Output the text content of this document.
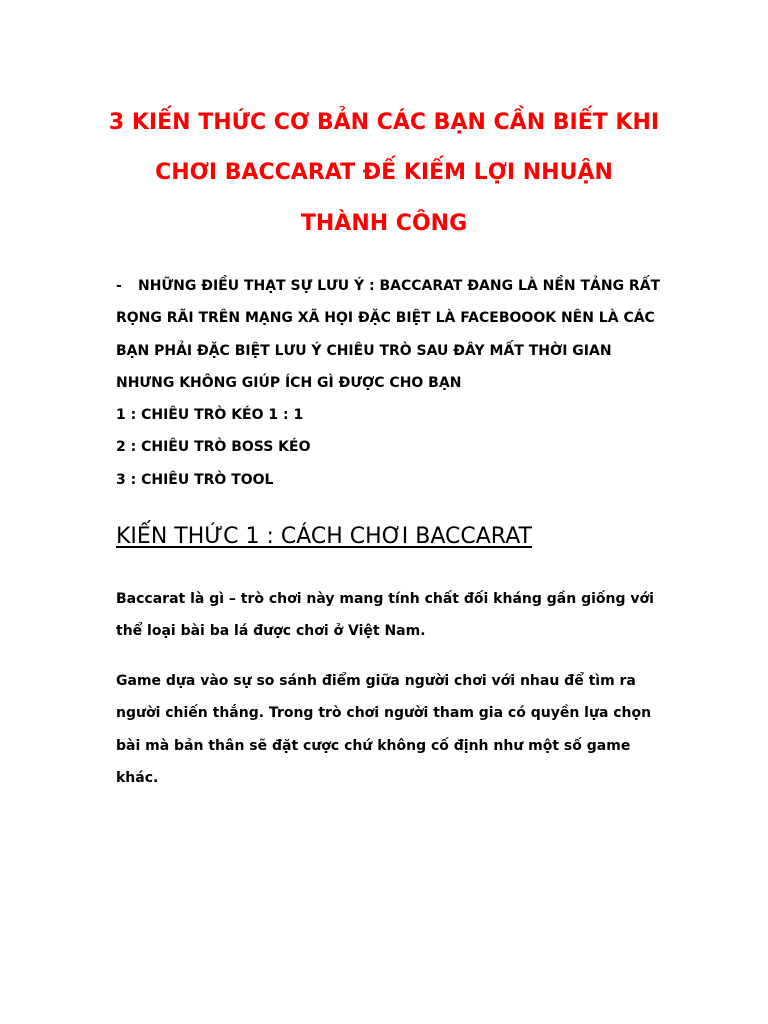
3 KIẾN THỨC CƠ BẢN CÁC BẠN CẦN BIẾT KHI
CHƠI BACCARAT ĐẾ KIẾM LỢI NHUẬN
THÀNH CÔNG
- NHỮNG ĐIỀU THẠT SỰ LƯU Ý : BACCARAT ĐANG LÀ NỀN TẢNG RẤT
RỌNG RÃI TRÊN MẠNG XÃ HỌI ĐẶC BIỆT LÀ FACEBOOOK NÊN LÀ CÁC
BẠN PHẢI ĐẶC BIỆT LƯU Ý CHIÊU TRÒ SAU ĐÂY MẤT THỜI GIAN
NHƯNG KHÔNG GIÚP ÍCH GÌ ĐƯỢC CHO BẠN
1 : CHIÊU TRÒ KÉO 1 : 1
2 : CHIÊU TRÒ BOSS KÉO
3 : CHIÊU TRÒ TOOL
KIẾN THỨC 1 : CÁCH CHƠI BACCARAT
Baccarat là gì – trò chơi này mang tính chất đối kháng gần giống với
thể loại bài ba lá được chơi ở Việt Nam.
Game dựa vào sự so sánh điểm giữa người chơi với nhau để tìm ra
người chiến thắng. Trong trò chơi người tham gia có quyền lựa chọn
bài mà bản thân sẽ đặt cược chứ không cố định như một số game
khác.
